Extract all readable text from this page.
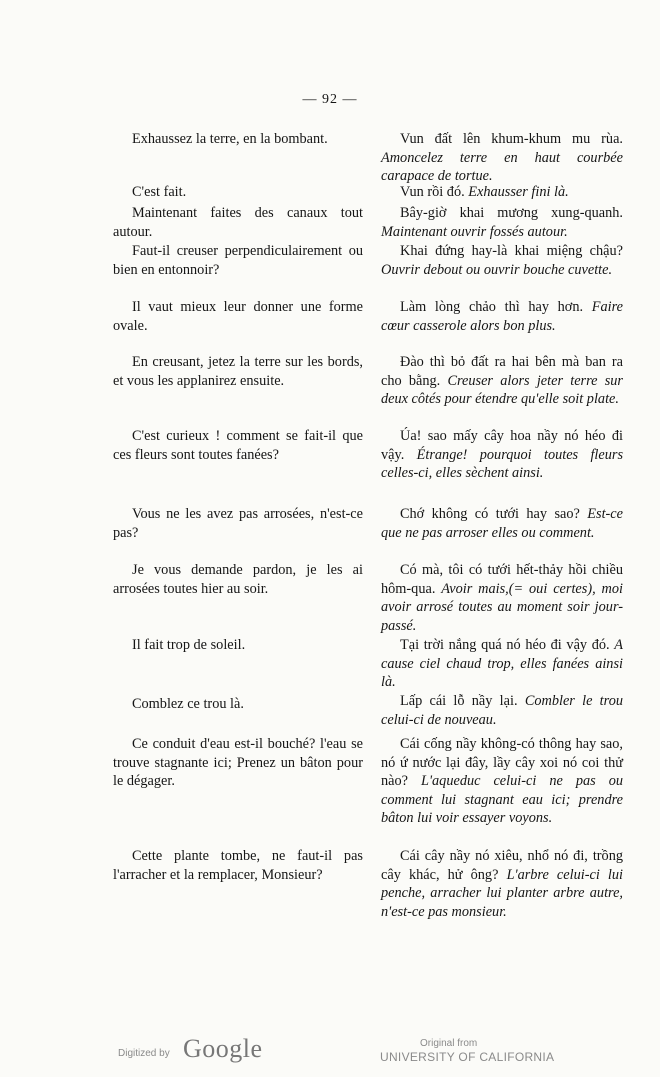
— 92 —
Exhaussez la terre, en la bombant.
C'est fait.
Maintenant faites des canaux tout autour.
Faut-il creuser perpendiculairement ou bien en entonnoir?
Il vaut mieux leur donner une forme ovale.
En creusant, jetez la terre sur les bords, et vous les applanirez ensuite.
C'est curieux ! comment se fait-il que ces fleurs sont toutes fanées?
Vous ne les avez pas arrosées, n'est-ce pas?
Je vous demande pardon, je les ai arrosées toutes hier au soir.
Il fait trop de soleil.
Comblez ce trou là.
Ce conduit d'eau est-il bouché? l'eau se trouve stagnante ici; Prenez un bâton pour le dégager.
Cette plante tombe, ne faut-il pas l'arracher et la remplacer, Monsieur?
Vun đất lên khum-khum mu rùa. Amoncelez terre en haut courbée carapace de tortue.
Vun rồi đó. Exhausser fini là.
Bây-giờ khai mương xung-quanh. Maintenant ouvrir fossés autour.
Khai đứng hay-là khai miệng chậu? Ouvrir debout ou ouvrir bouche cuvette.
Làm lòng chảo thì hay hơn. Faire cœur casserole alors bon plus.
Đào thì bỏ đất ra hai bên mà ban ra cho bằng. Creuser alors jeter terre sur deux côtés pour étendre qu'elle soit plate.
Úa! sao mấy cây hoa nầy nó héo đi vậy. Étrange! pourquoi toutes fleurs celles-ci, elles sèchent ainsi.
Chớ không có tưới hay sao? Est-ce que ne pas arroser elles ou comment.
Có mà, tôi có tưới hết-thảy hồi chiều hôm-qua. Avoir mais,(= oui certes), moi avoir arrosé toutes au moment soir jour-passé.
Tại trời nắng quá nó héo đi vậy đó. A cause ciel chaud trop, elles fanées ainsi là.
Lấp cái lỗ nầy lại. Combler le trou celui-ci de nouveau.
Cái cống nầy không-có thông hay sao, nó ứ nước lại đây, lầy cây xoi nó coi thử nào? L'aqueduc celui-ci ne pas ou comment lui stagnant eau ici; prendre bâton lui voir essayer voyons.
Cái cây nầy nó xiêu, nhổ nó đi, trồng cây khác, hử ông? L'arbre celui-ci lui penche, arracher lui planter arbre autre, n'est-ce pas monsieur.
Digitized by Google	Original from
UNIVERSITY OF CALIFORNIA
